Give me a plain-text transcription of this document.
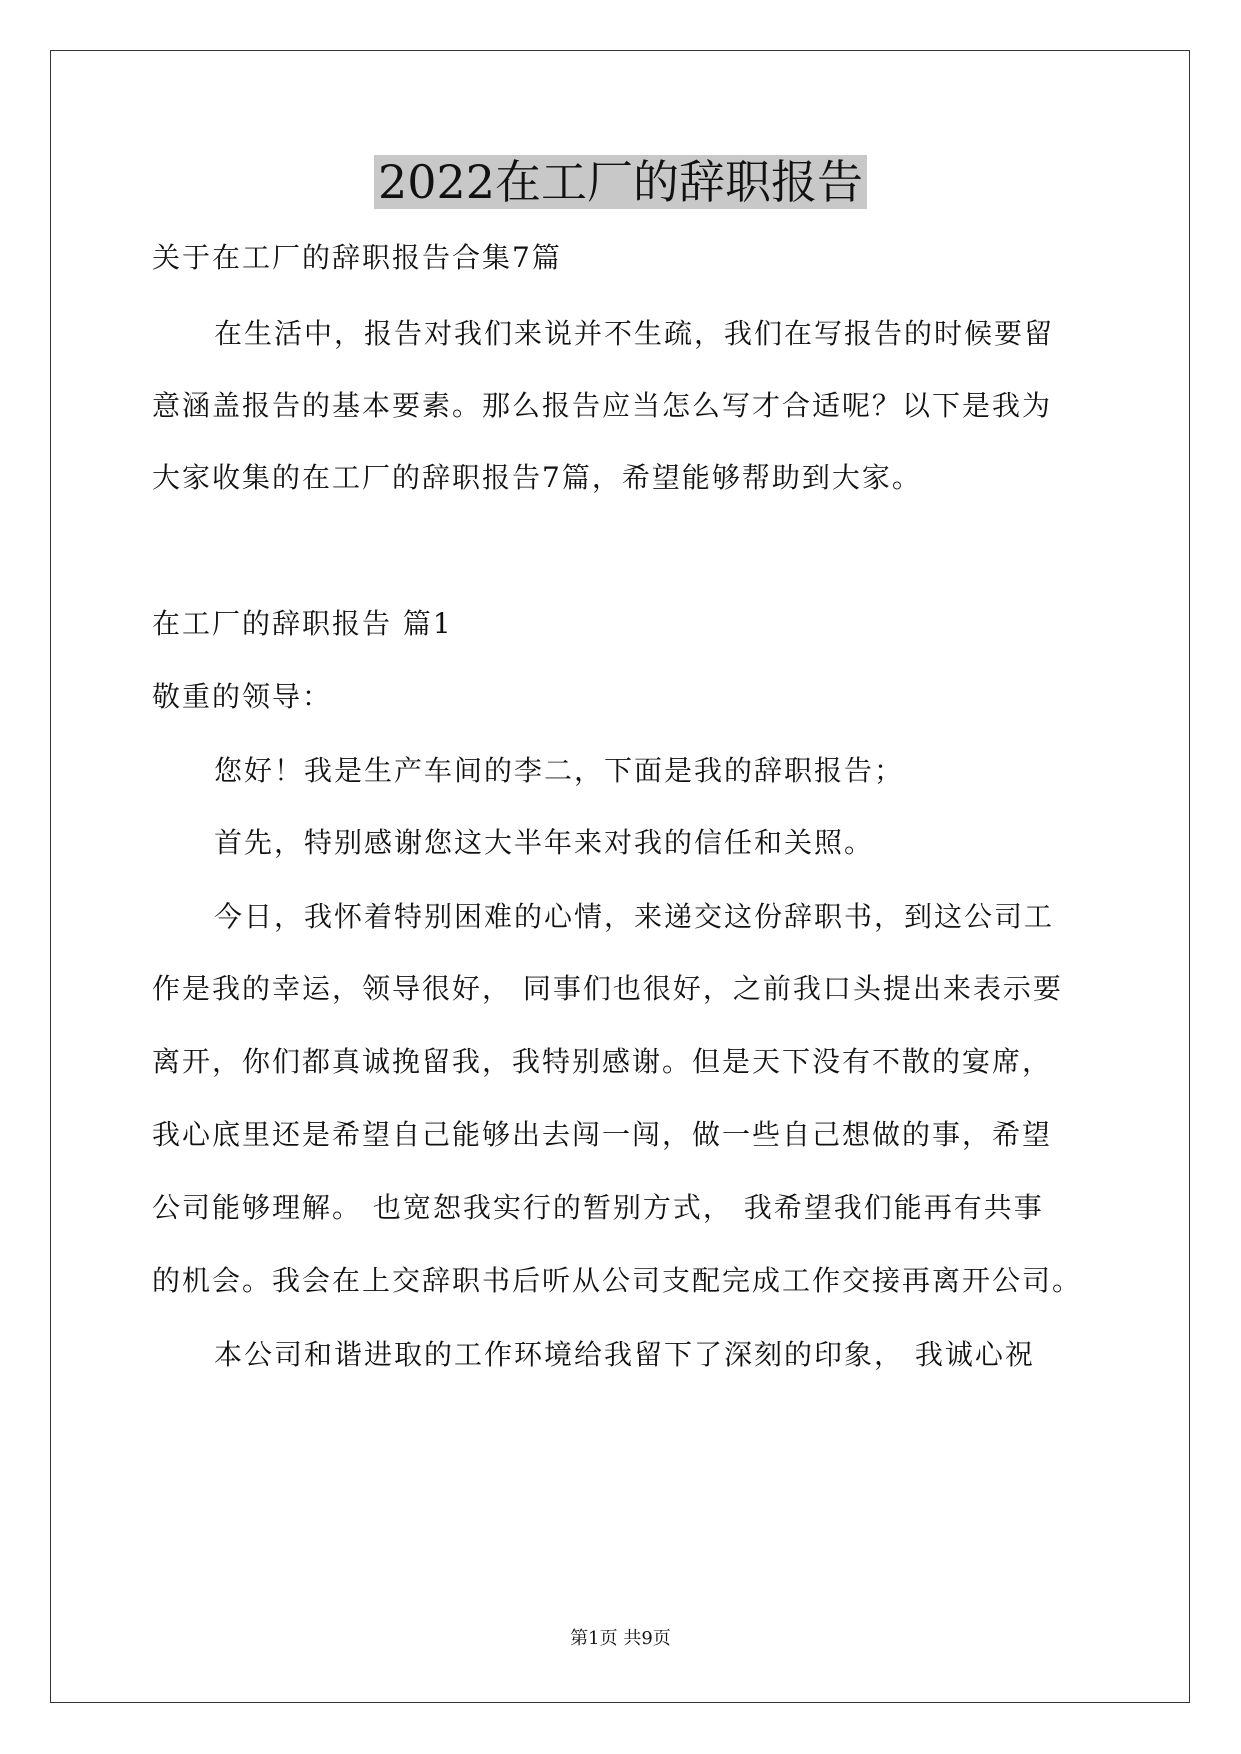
2022在工厂的辞职报告
关于在工厂的辞职报告合集7篇
在生活中，报告对我们来说并不生疏，我们在写报告的时候要留
意涵盖报告的基本要素。那么报告应当怎么写才合适呢？以下是我为
大家收集的在工厂的辞职报告7篇，希望能够帮助到大家。
在工厂的辞职报告 篇1
敬重的领导：
您好！我是生产车间的李二，下面是我的辞职报告；
首先，特别感谢您这大半年来对我的信任和关照。
今日，我怀着特别困难的心情，来递交这份辞职书，到这公司工
作是我的幸运，领导很好， 同事们也很好，之前我口头提出来表示要
离开，你们都真诚挽留我，我特别感谢。但是天下没有不散的宴席，
我心底里还是希望自己能够出去闯一闯，做一些自己想做的事，希望
公司能够理解。 也宽恕我实行的暂别方式， 我希望我们能再有共事
的机会。我会在上交辞职书后听从公司支配完成工作交接再离开公司。
本公司和谐进取的工作环境给我留下了深刻的印象， 我诚心祝
第1页 共9页
